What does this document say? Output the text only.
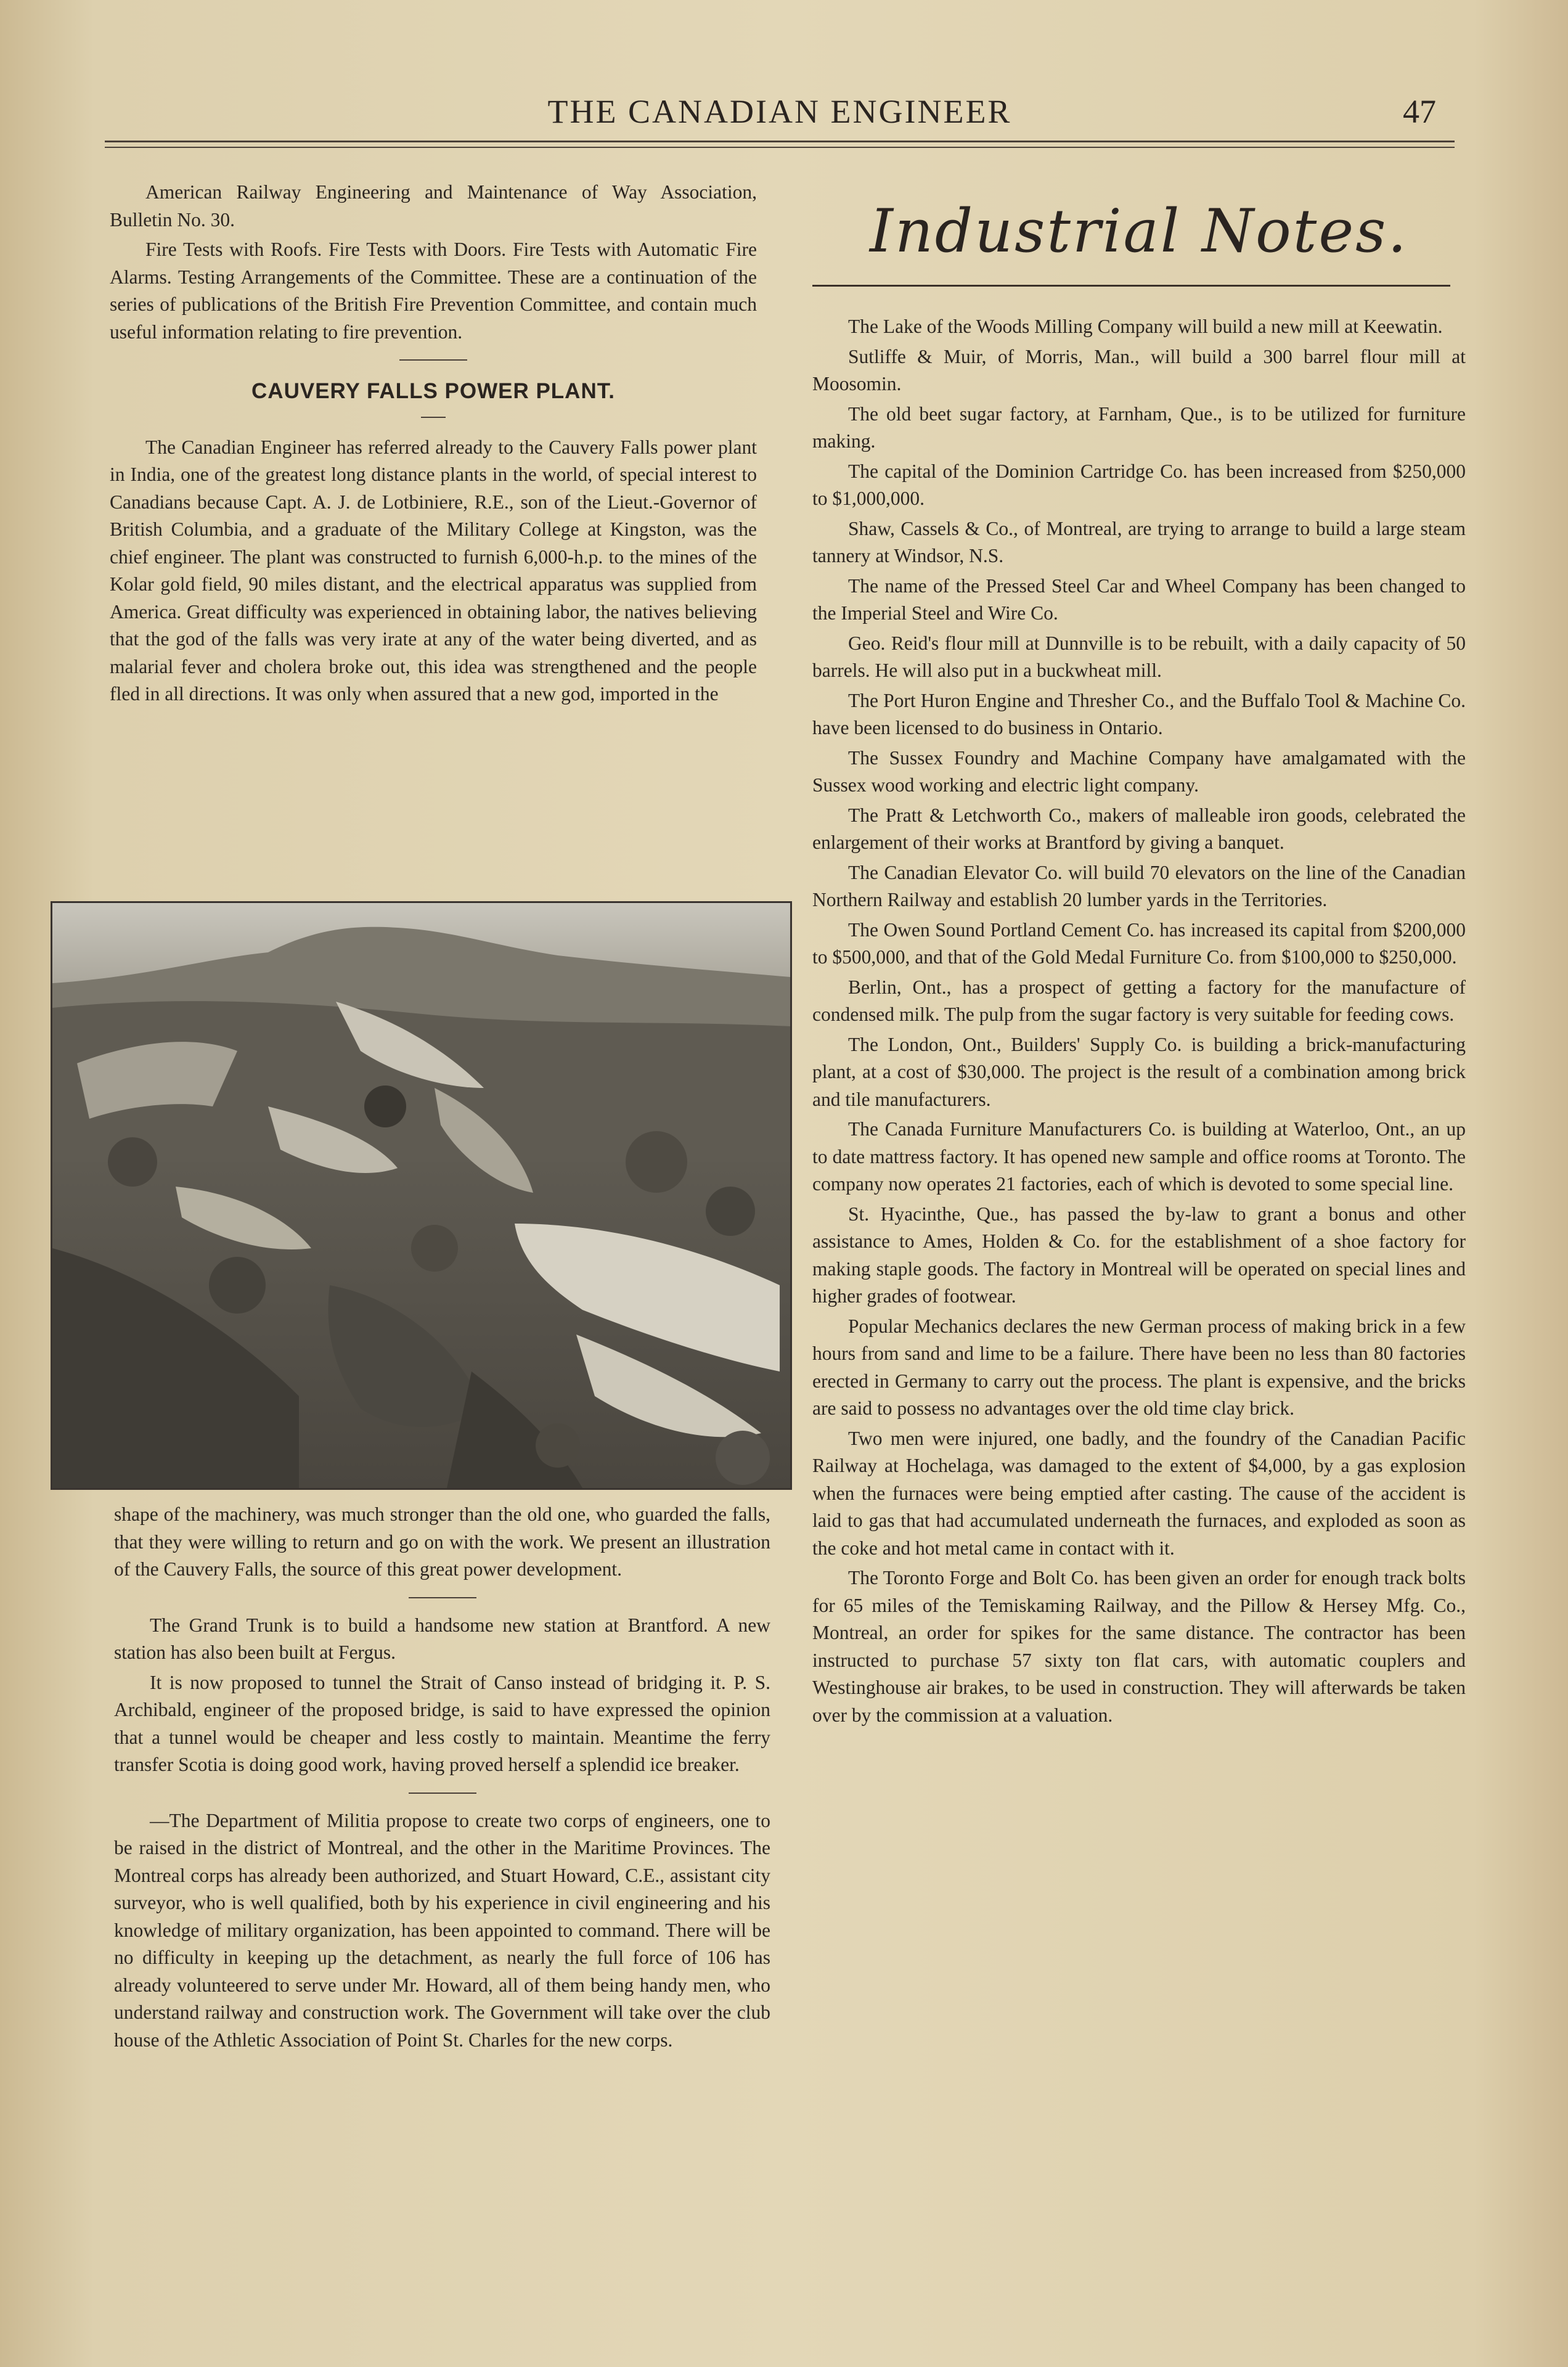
THE CANADIAN ENGINEER	47

American Railway Engineering and Maintenance of Way Association, Bulletin No. 30.

Fire Tests with Roofs. Fire Tests with Doors. Fire Tests with Automatic Fire Alarms. Testing Arrangements of the Committee. These are a continuation of the series of publications of the British Fire Prevention Committee, and contain much useful information relating to fire prevention.

CAUVERY FALLS POWER PLANT.

The Canadian Engineer has referred already to the Cauvery Falls power plant in India, one of the greatest long distance plants in the world, of special interest to Canadians because Capt. A. J. de Lotbiniere, R.E., son of the Lieut.-Governor of British Columbia, and a graduate of the Military College at Kingston, was the chief engineer. The plant was constructed to furnish 6,000-h.p. to the mines of the Kolar gold field, 90 miles distant, and the electrical apparatus was supplied from America. Great difficulty was experienced in obtaining labor, the natives believing that the god of the falls was very irate at any of the water being diverted, and as malarial fever and cholera broke out, this idea was strengthened and the people fled in all directions. It was only when assured that a new god, imported in the

shape of the machinery, was much stronger than the old one, who guarded the falls, that they were willing to return and go on with the work. We present an illustration of the Cauvery Falls, the source of this great power development.

The Grand Trunk is to build a handsome new station at Brantford. A new station has also been built at Fergus.

It is now proposed to tunnel the Strait of Canso instead of bridging it. P. S. Archibald, engineer of the proposed bridge, is said to have expressed the opinion that a tunnel would be cheaper and less costly to maintain. Meantime the ferry transfer Scotia is doing good work, having proved herself a splendid ice breaker.

—The Department of Militia propose to create two corps of engineers, one to be raised in the district of Montreal, and the other in the Maritime Provinces. The Montreal corps has already been authorized, and Stuart Howard, C.E., assistant city surveyor, who is well qualified, both by his experience in civil engineering and his knowledge of military organization, has been appointed to command. There will be no difficulty in keeping up the detachment, as nearly the full force of 106 has already volunteered to serve under Mr. Howard, all of them being handy men, who understand railway and construction work. The Government will take over the club house of the Athletic Association of Point St. Charles for the new corps.

Industrial Notes.

The Lake of the Woods Milling Company will build a new mill at Keewatin.

Sutliffe & Muir, of Morris, Man., will build a 300 barrel flour mill at Moosomin.

The old beet sugar factory, at Farnham, Que., is to be utilized for furniture making.

The capital of the Dominion Cartridge Co. has been increased from $250,000 to $1,000,000.

Shaw, Cassels & Co., of Montreal, are trying to arrange to build a large steam tannery at Windsor, N.S.

The name of the Pressed Steel Car and Wheel Company has been changed to the Imperial Steel and Wire Co.

Geo. Reid's flour mill at Dunnville is to be rebuilt, with a daily capacity of 50 barrels. He will also put in a buckwheat mill.

The Port Huron Engine and Thresher Co., and the Buffalo Tool & Machine Co. have been licensed to do business in Ontario.

The Sussex Foundry and Machine Company have amalgamated with the Sussex wood working and electric light company.

The Pratt & Letchworth Co., makers of malleable iron goods, celebrated the enlargement of their works at Brantford by giving a banquet.

The Canadian Elevator Co. will build 70 elevators on the line of the Canadian Northern Railway and establish 20 lumber yards in the Territories.

The Owen Sound Portland Cement Co. has increased its capital from $200,000 to $500,000, and that of the Gold Medal Furniture Co. from $100,000 to $250,000.

Berlin, Ont., has a prospect of getting a factory for the manufacture of condensed milk. The pulp from the sugar factory is very suitable for feeding cows.

The London, Ont., Builders' Supply Co. is building a brick-manufacturing plant, at a cost of $30,000. The project is the result of a combination among brick and tile manufacturers.

The Canada Furniture Manufacturers Co. is building at Waterloo, Ont., an up to date mattress factory. It has opened new sample and office rooms at Toronto. The company now operates 21 factories, each of which is devoted to some special line.

St. Hyacinthe, Que., has passed the by-law to grant a bonus and other assistance to Ames, Holden & Co. for the establishment of a shoe factory for making staple goods. The factory in Montreal will be operated on special lines and higher grades of footwear.

Popular Mechanics declares the new German process of making brick in a few hours from sand and lime to be a failure. There have been no less than 80 factories erected in Germany to carry out the process. The plant is expensive, and the bricks are said to possess no advantages over the old time clay brick.

Two men were injured, one badly, and the foundry of the Canadian Pacific Railway at Hochelaga, was damaged to the extent of $4,000, by a gas explosion when the furnaces were being emptied after casting. The cause of the accident is laid to gas that had accumulated underneath the furnaces, and exploded as soon as the coke and hot metal came in contact with it.

The Toronto Forge and Bolt Co. has been given an order for enough track bolts for 65 miles of the Temiskaming Railway, and the Pillow & Hersey Mfg. Co., Montreal, an order for spikes for the same distance. The contractor has been instructed to purchase 57 sixty ton flat cars, with automatic couplers and Westinghouse air brakes, to be used in construction. They will afterwards be taken over by the commission at a valuation.
